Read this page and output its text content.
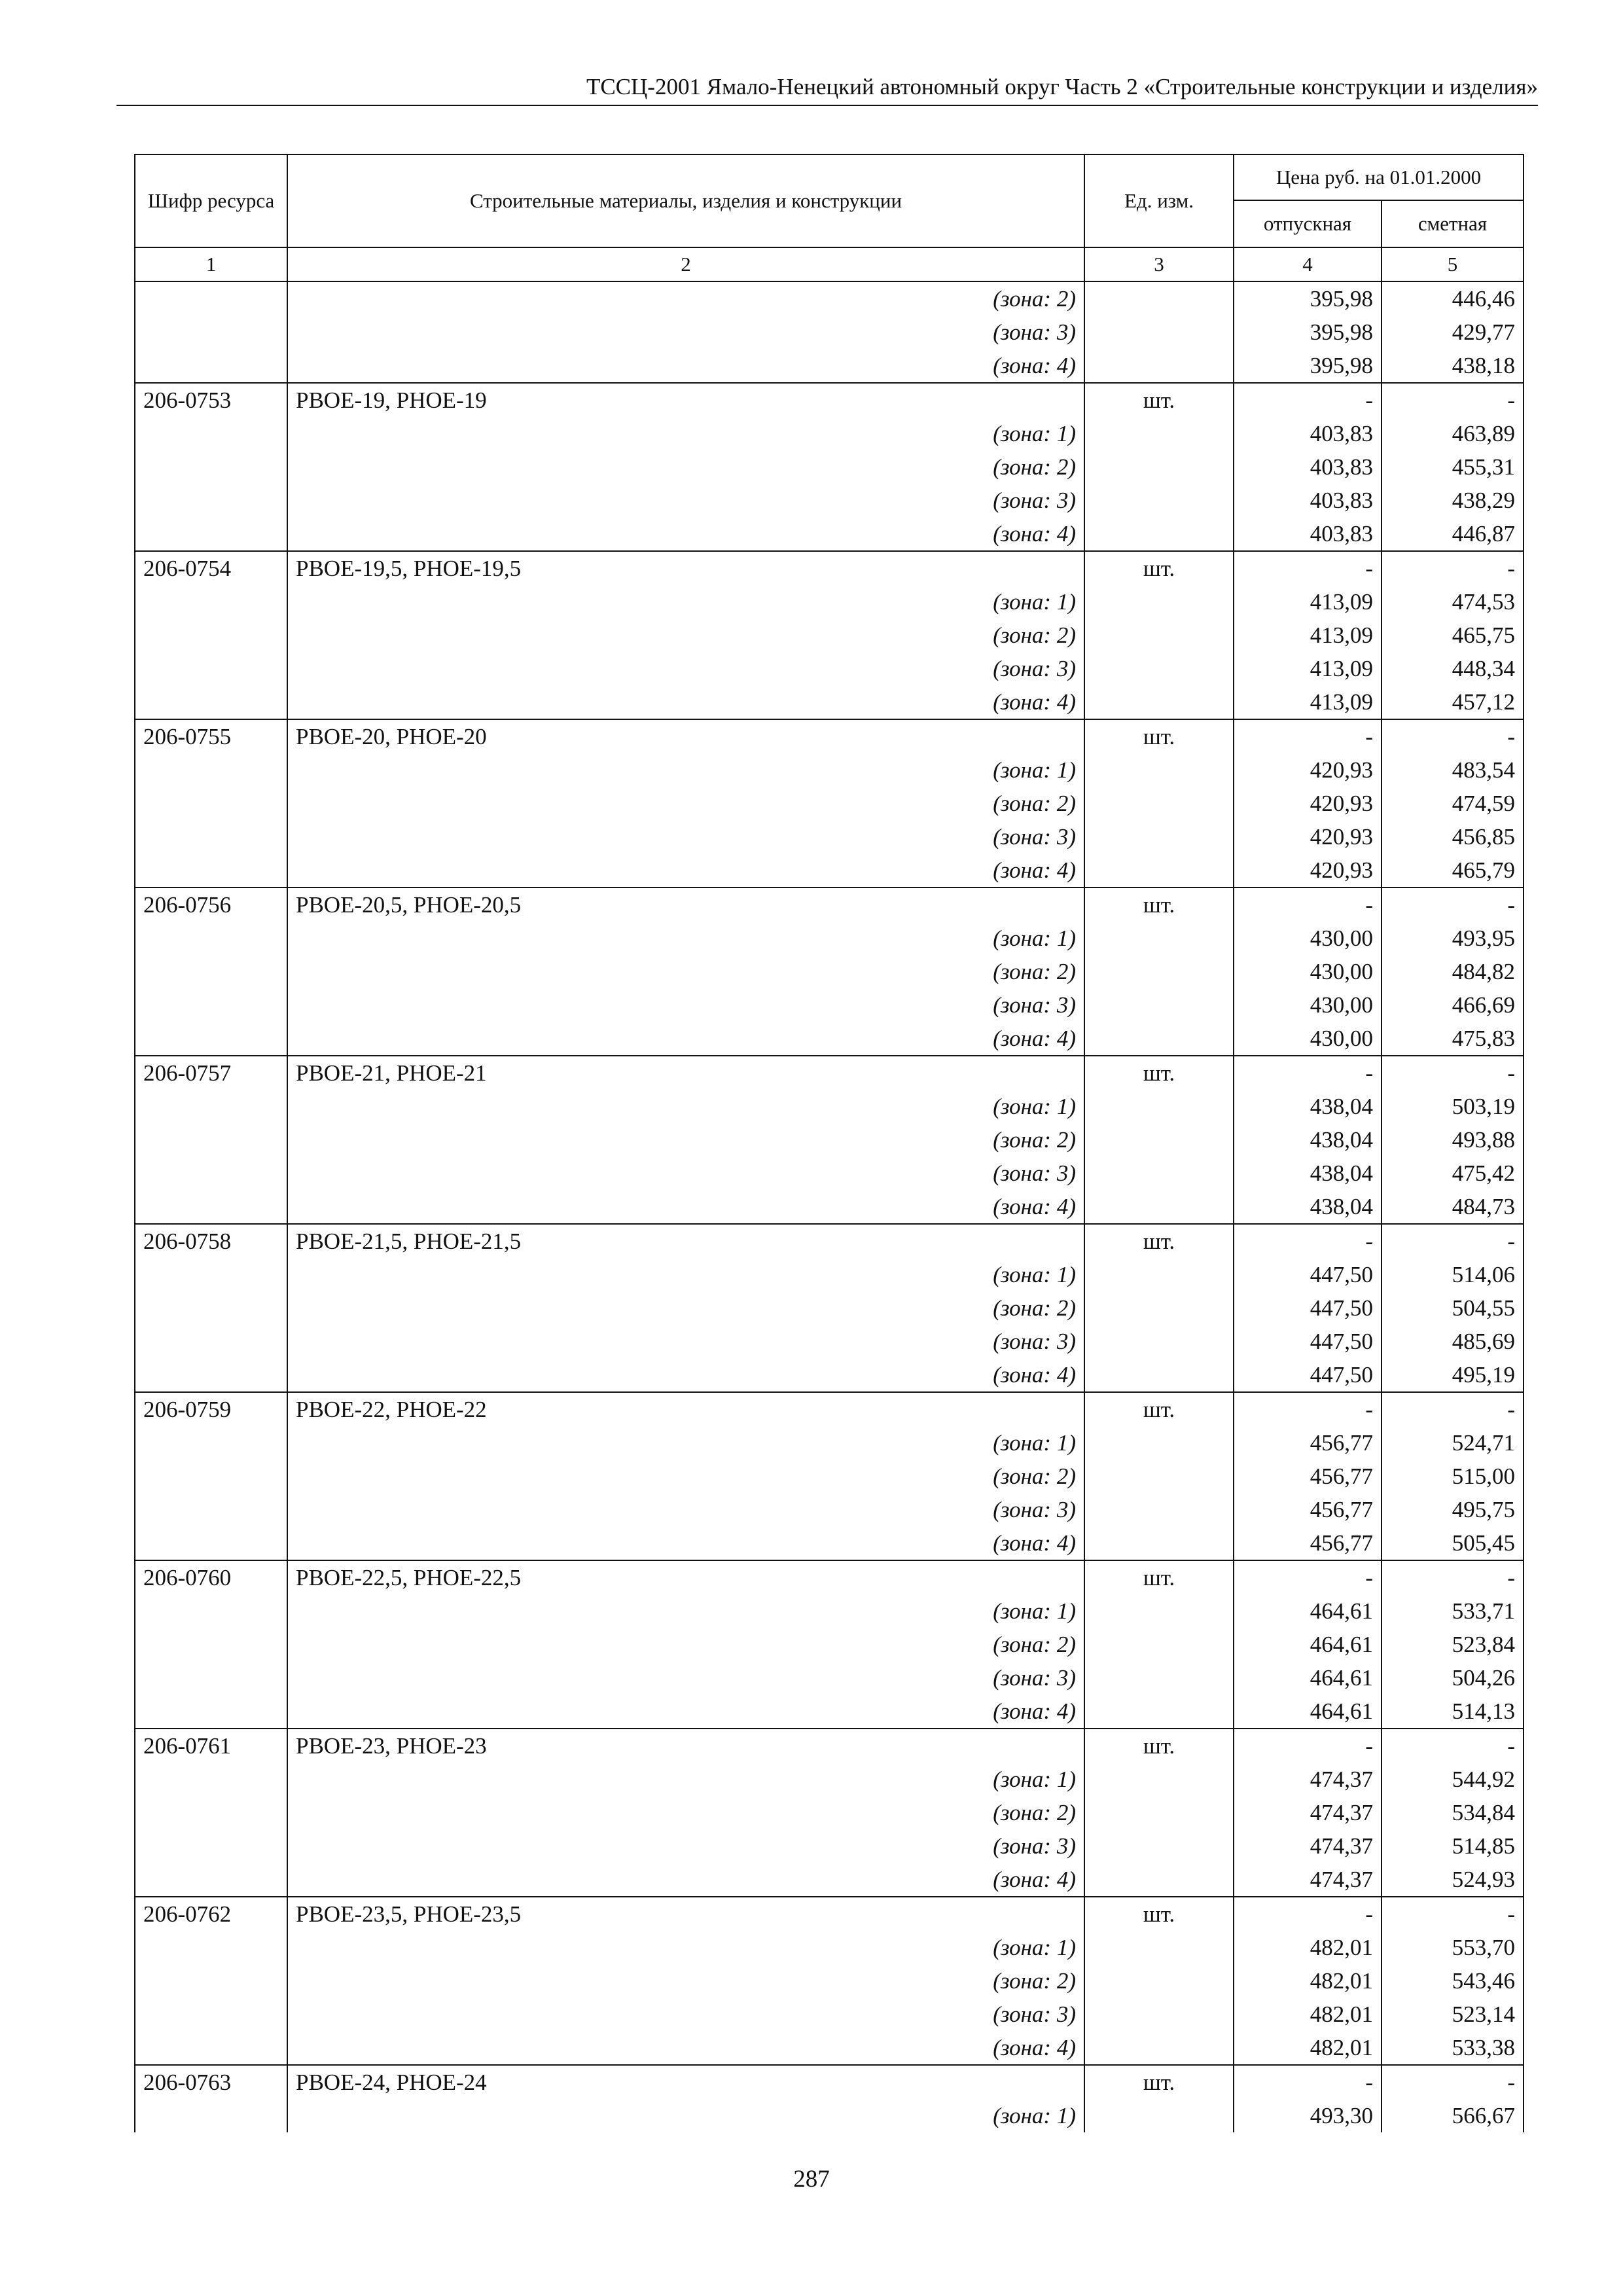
ТССЦ-2001 Ямало-Ненецкий автономный округ Часть 2 «Строительные конструкции и изделия»
Шифр ресурса	Строительные материалы, изделия и конструкции	Ед. изм.	Цена руб. на 01.01.2000	
			отпускная	сметная
1	2	3	4	5
	(зона: 2)		395,98	446,46
	(зона: 3)		395,98	429,77
	(зона: 4)		395,98	438,18
206-0753	РВОЕ-19, РНОЕ-19	шт.	-	-
	(зона: 1)		403,83	463,89
	(зона: 2)		403,83	455,31
	(зона: 3)		403,83	438,29
	(зона: 4)		403,83	446,87
206-0754	РВОЕ-19,5, РНОЕ-19,5	шт.	-	-
	(зона: 1)		413,09	474,53
	(зона: 2)		413,09	465,75
	(зона: 3)		413,09	448,34
	(зона: 4)		413,09	457,12
206-0755	РВОЕ-20, РНОЕ-20	шт.	-	-
	(зона: 1)		420,93	483,54
	(зона: 2)		420,93	474,59
	(зона: 3)		420,93	456,85
	(зона: 4)		420,93	465,79
206-0756	РВОЕ-20,5, РНОЕ-20,5	шт.	-	-
	(зона: 1)		430,00	493,95
	(зона: 2)		430,00	484,82
	(зона: 3)		430,00	466,69
	(зона: 4)		430,00	475,83
206-0757	РВОЕ-21, РНОЕ-21	шт.	-	-
	(зона: 1)		438,04	503,19
	(зона: 2)		438,04	493,88
	(зона: 3)		438,04	475,42
	(зона: 4)		438,04	484,73
206-0758	РВОЕ-21,5, РНОЕ-21,5	шт.	-	-
	(зона: 1)		447,50	514,06
	(зона: 2)		447,50	504,55
	(зона: 3)		447,50	485,69
	(зона: 4)		447,50	495,19
206-0759	РВОЕ-22, РНОЕ-22	шт.	-	-
	(зона: 1)		456,77	524,71
	(зона: 2)		456,77	515,00
	(зона: 3)		456,77	495,75
	(зона: 4)		456,77	505,45
206-0760	РВОЕ-22,5, РНОЕ-22,5	шт.	-	-
	(зона: 1)		464,61	533,71
	(зона: 2)		464,61	523,84
	(зона: 3)		464,61	504,26
	(зона: 4)		464,61	514,13
206-0761	РВОЕ-23, РНОЕ-23	шт.	-	-
	(зона: 1)		474,37	544,92
	(зона: 2)		474,37	534,84
	(зона: 3)		474,37	514,85
	(зона: 4)		474,37	524,93
206-0762	РВОЕ-23,5, РНОЕ-23,5	шт.	-	-
	(зона: 1)		482,01	553,70
	(зона: 2)		482,01	543,46
	(зона: 3)		482,01	523,14
	(зона: 4)		482,01	533,38
206-0763	РВОЕ-24, РНОЕ-24	шт.	-	-
	(зона: 1)		493,30	566,67
287
